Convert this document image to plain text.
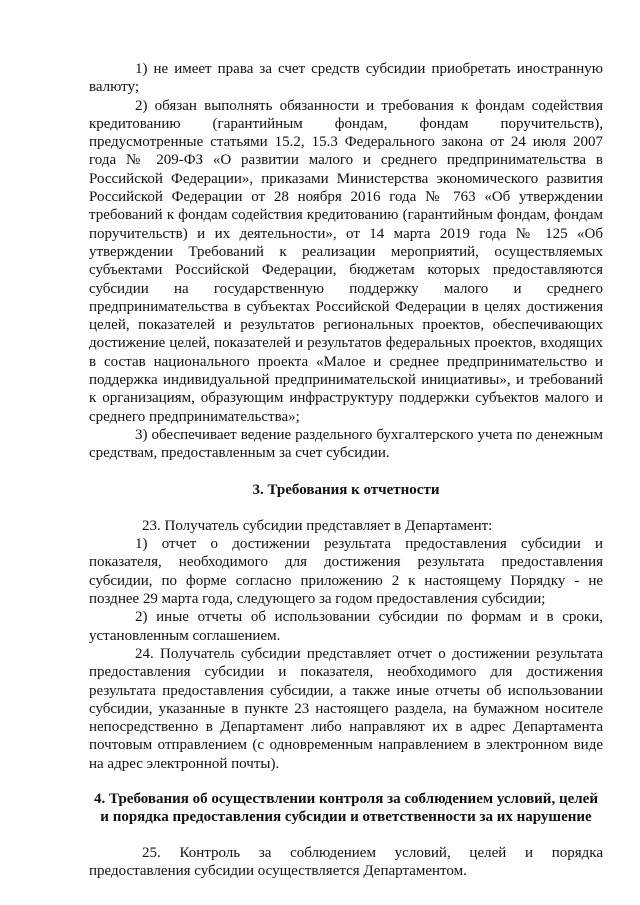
1) не имеет права за счет средств субсидии приобретать иностранную валюту;

2) обязан выполнять обязанности и требования к фондам содействия кредитованию (гарантийным фондам, фондам поручительств), предусмотренные статьями 15.2, 15.3 Федерального закона от 24 июля 2007 года № 209-ФЗ «О развитии малого и среднего предпринимательства в Российской Федерации», приказами Министерства экономического развития Российской Федерации от 28 ноября 2016 года № 763 «Об утверждении требований к фондам содействия кредитованию (гарантийным фондам, фондам поручительств) и их деятельности», от 14 марта 2019 года № 125 «Об утверждении Требований к реализации мероприятий, осуществляемых субъектами Российской Федерации, бюджетам которых предоставляются субсидии на государственную поддержку малого и среднего предпринимательства в субъектах Российской Федерации в целях достижения целей, показателей и результатов региональных проектов, обеспечивающих достижение целей, показателей и результатов федеральных проектов, входящих в состав национального проекта «Малое и среднее предпринимательство и поддержка индивидуальной предпринимательской инициативы», и требований к организациям, образующим инфраструктуру поддержки субъектов малого и среднего предпринимательства»;

3) обеспечивает ведение раздельного бухгалтерского учета по денежным средствам, предоставленным за счет субсидии.

3. Требования к отчетности

23. Получатель субсидии представляет в Департамент:

1) отчет о достижении результата предоставления субсидии и показателя, необходимого для достижения результата предоставления субсидии, по форме согласно приложению 2 к настоящему Порядку - не позднее 29 марта года, следующего за годом предоставления субсидии;

2) иные отчеты об использовании субсидии по формам и в сроки, установленным соглашением.

24. Получатель субсидии представляет отчет о достижении результата предоставления субсидии и показателя, необходимого для достижения результата предоставления субсидии, а также иные отчеты об использовании субсидии, указанные в пункте 23 настоящего раздела, на бумажном носителе непосредственно в Департамент либо направляют их в адрес Департамента почтовым отправлением (с одновременным направлением в электронном виде на адрес электронной почты).

4. Требования об осуществлении контроля за соблюдением условий, целей
и порядка предоставления субсидии и ответственности за их нарушение

25. Контроль за соблюдением условий, целей и порядка предоставления субсидии осуществляется Департаментом.
